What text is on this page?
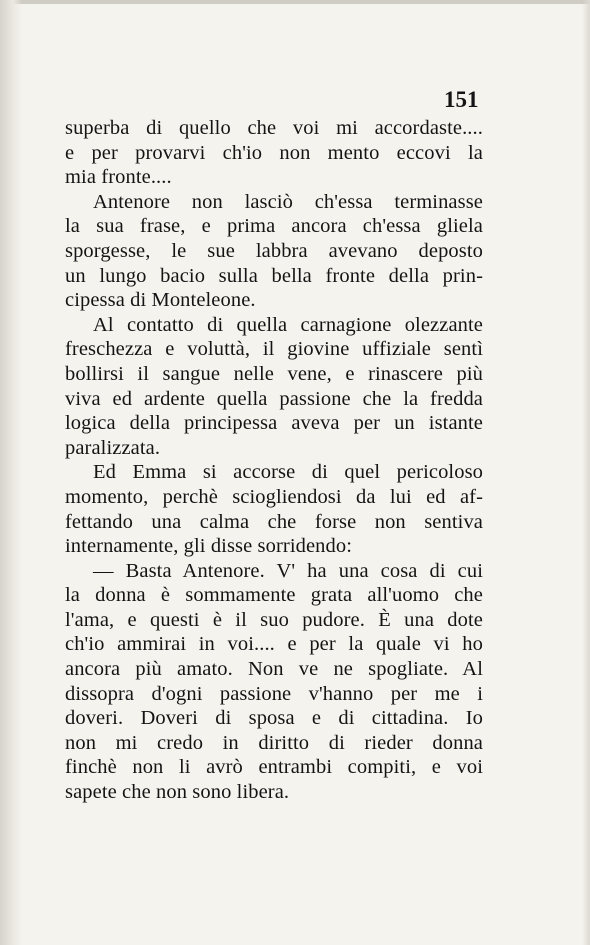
151
superba di quello che voi mi accordaste....
e per provarvi ch'io non mento eccovi la
mia fronte....
Antenore non lasciò ch'essa terminasse
la sua frase, e prima ancora ch'essa gliela
sporgesse, le sue labbra avevano deposto
un lungo bacio sulla bella fronte della prin-
cipessa di Monteleone.
Al contatto di quella carnagione olezzante
freschezza e voluttà, il giovine uffiziale sentì
bollirsi il sangue nelle vene, e rinascere più
viva ed ardente quella passione che la fredda
logica della principessa aveva per un istante
paralizzata.
Ed Emma si accorse di quel pericoloso
momento, perchè sciogliendosi da lui ed af-
fettando una calma che forse non sentiva
internamente, gli disse sorridendo:
— Basta Antenore. V' ha una cosa di cui
la donna è sommamente grata all'uomo che
l'ama, e questi è il suo pudore. È una dote
ch'io ammirai in voi.... e per la quale vi ho
ancora più amato. Non ve ne spogliate. Al
dissopra d'ogni passione v'hanno per me i
doveri. Doveri di sposa e di cittadina. Io
non mi credo in diritto di rieder donna
finchè non li avrò entrambi compiti, e voi
sapete che non sono libera.
